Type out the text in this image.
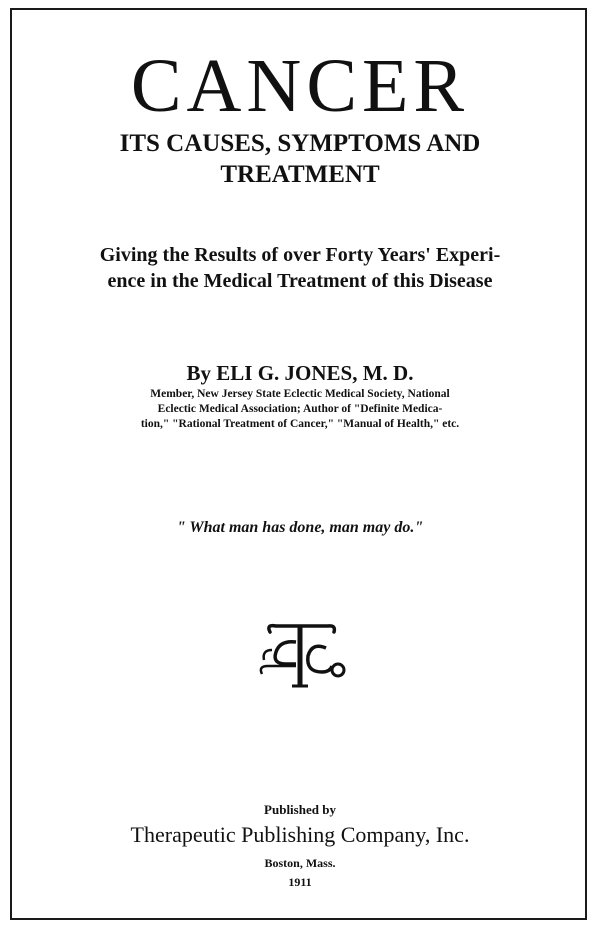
CANCER
ITS CAUSES, SYMPTOMS AND
TREATMENT
Giving the Results of over Forty Years' Experi-
ence in the Medical Treatment of this Disease
By ELI G. JONES, M. D.
Member, New Jersey State Eclectic Medical Society, National
Eclectic Medical Association; Author of "Definite Medica-
tion," "Rational Treatment of Cancer," "Manual of Health," etc.
" What man has done, man may do."
Published by
Therapeutic Publishing Company, Inc.
Boston, Mass.
1911
